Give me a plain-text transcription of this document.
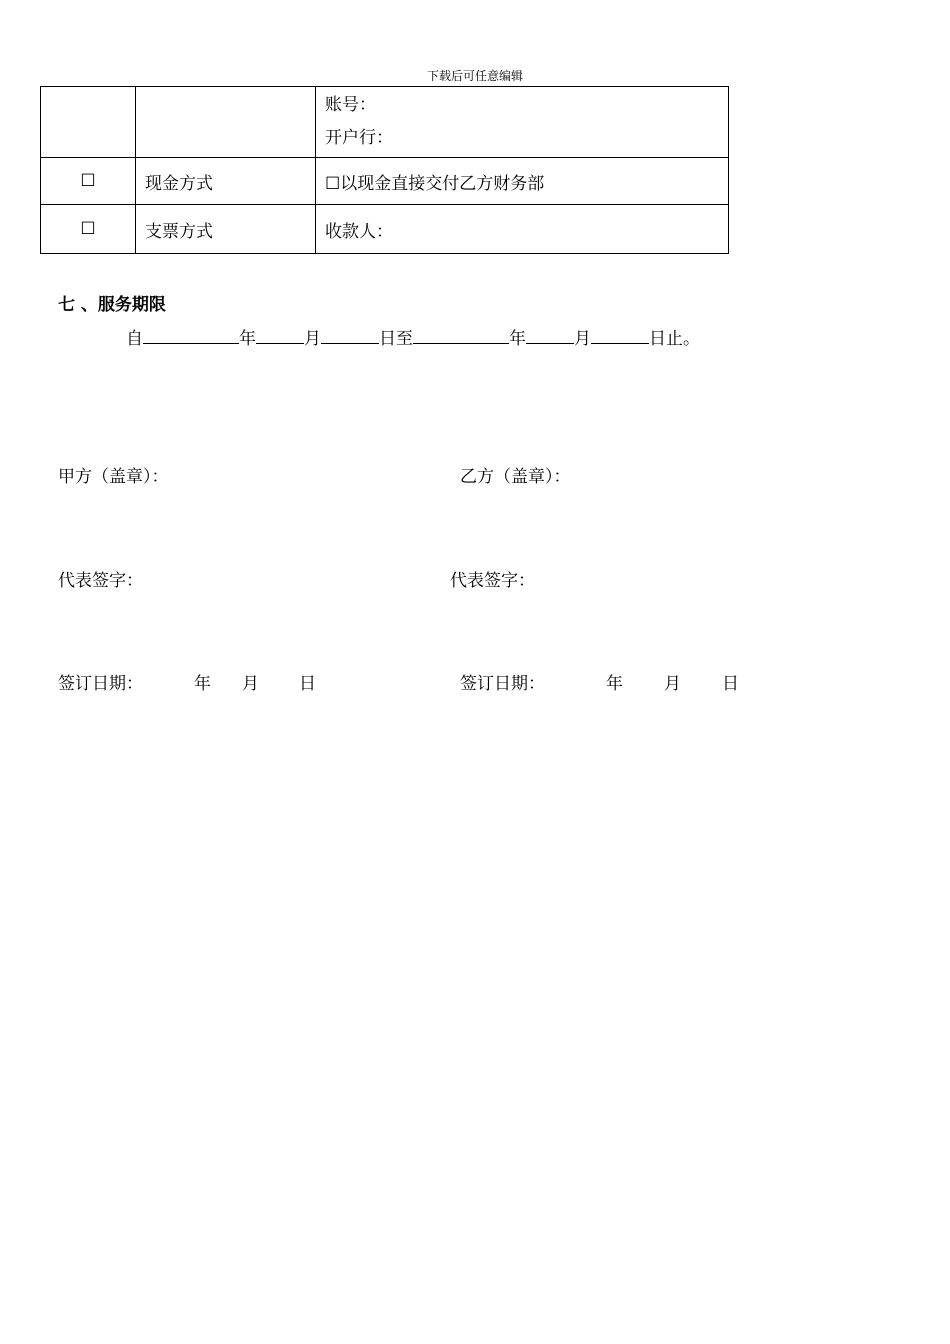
下载后可任意编辑

		账号：
开户行：

☐	现金方式	☐以现金直接交付乙方财务部
☐	支票方式	收款人：
七 、服务期限
自	年	月	日至	年	月	日止。
甲方（盖章）：	乙方（盖章）：
代表签字：	代表签字：
签订日期：	年 月 日	签订日期：	年 月 日
